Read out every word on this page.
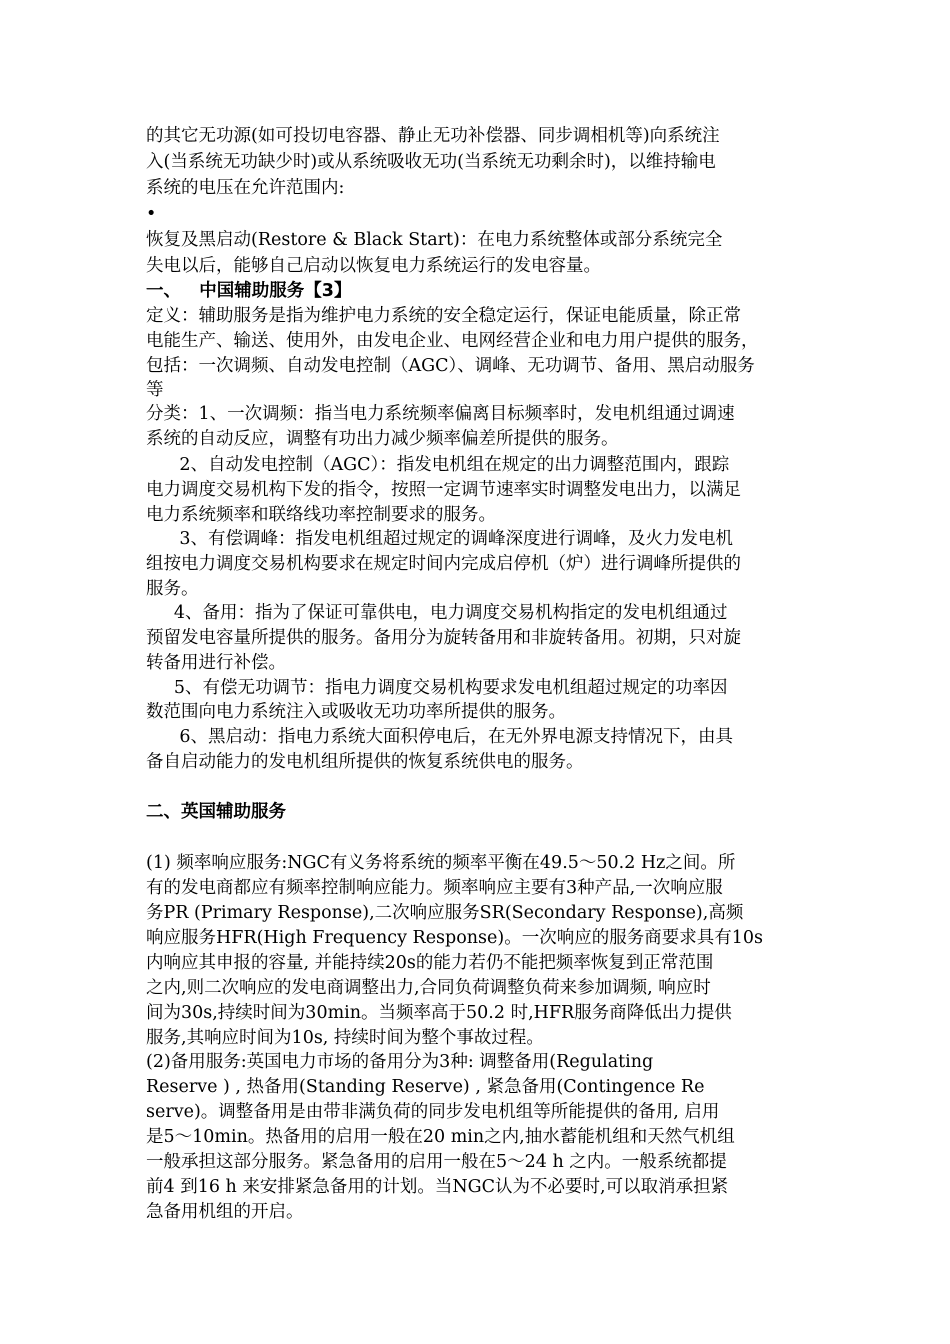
的其它无功源(如可投切电容器、静止无功补偿器、同步调相机等)向系统注

入(当系统无功缺少时)或从系统吸收无功(当系统无功剩余时)，以维持输电

系统的电压在允许范围内:

•

恢复及黑启动(Restore & Black Start)：在电力系统整体或部分系统完全

失电以后，能够自己启动以恢复电力系统运行的发电容量。

一、   中国辅助服务【3】

定义：辅助服务是指为维护电力系统的安全稳定运行，保证电能质量，除正常

电能生产、输送、使用外，由发电企业、电网经营企业和电力用户提供的服务，

包括：一次调频、自动发电控制（AGC）、调峰、无功调节、备用、黑启动服务

等

分类：1、一次调频：指当电力系统频率偏离目标频率时，发电机组通过调速

系统的自动反应，调整有功出力减少频率偏差所提供的服务。

2、自动发电控制（AGC）：指发电机组在规定的出力调整范围内，跟踪

电力调度交易机构下发的指令，按照一定调节速率实时调整发电出力，以满足

电力系统频率和联络线功率控制要求的服务。

3、有偿调峰：指发电机组超过规定的调峰深度进行调峰，及火力发电机

组按电力调度交易机构要求在规定时间内完成启停机（炉）进行调峰所提供的

服务。

4、备用：指为了保证可靠供电，电力调度交易机构指定的发电机组通过

预留发电容量所提供的服务。备用分为旋转备用和非旋转备用。初期，只对旋

转备用进行补偿。

5、有偿无功调节：指电力调度交易机构要求发电机组超过规定的功率因

数范围向电力系统注入或吸收无功功率所提供的服务。

6、黑启动：指电力系统大面积停电后，在无外界电源支持情况下，由具

备自启动能力的发电机组所提供的恢复系统供电的服务。

二、英国辅助服务

(1) 频率响应服务:NGC有义务将系统的频率平衡在49.5～50.2 Hz之间。所

有的发电商都应有频率控制响应能力。频率响应主要有3种产品,一次响应服

务PR (Primary Response),二次响应服务SR(Secondary Response),高频

响应服务HFR(High Frequency Response)。一次响应的服务商要求具有10s

内响应其申报的容量, 并能持续20s的能力若仍不能把频率恢复到正常范围

之内,则二次响应的发电商调整出力,合同负荷调整负荷来参加调频, 响应时

间为30s,持续时间为30min。当频率高于50.2 时,HFR服务商降低出力提供

服务,其响应时间为10s, 持续时间为整个事故过程。

(2)备用服务:英国电力市场的备用分为3种: 调整备用(Regulating

Reserve ) , 热备用(Standing Reserve) , 紧急备用(Contingence Re

serve)。调整备用是由带非满负荷的同步发电机组等所能提供的备用, 启用

是5～10min。热备用的启用一般在20 min之内,抽水蓄能机组和天然气机组

一般承担这部分服务。紧急备用的启用一般在5～24 h 之内。一般系统都提

前4 到16 h 来安排紧急备用的计划。当NGC认为不必要时,可以取消承担紧

急备用机组的开启。
